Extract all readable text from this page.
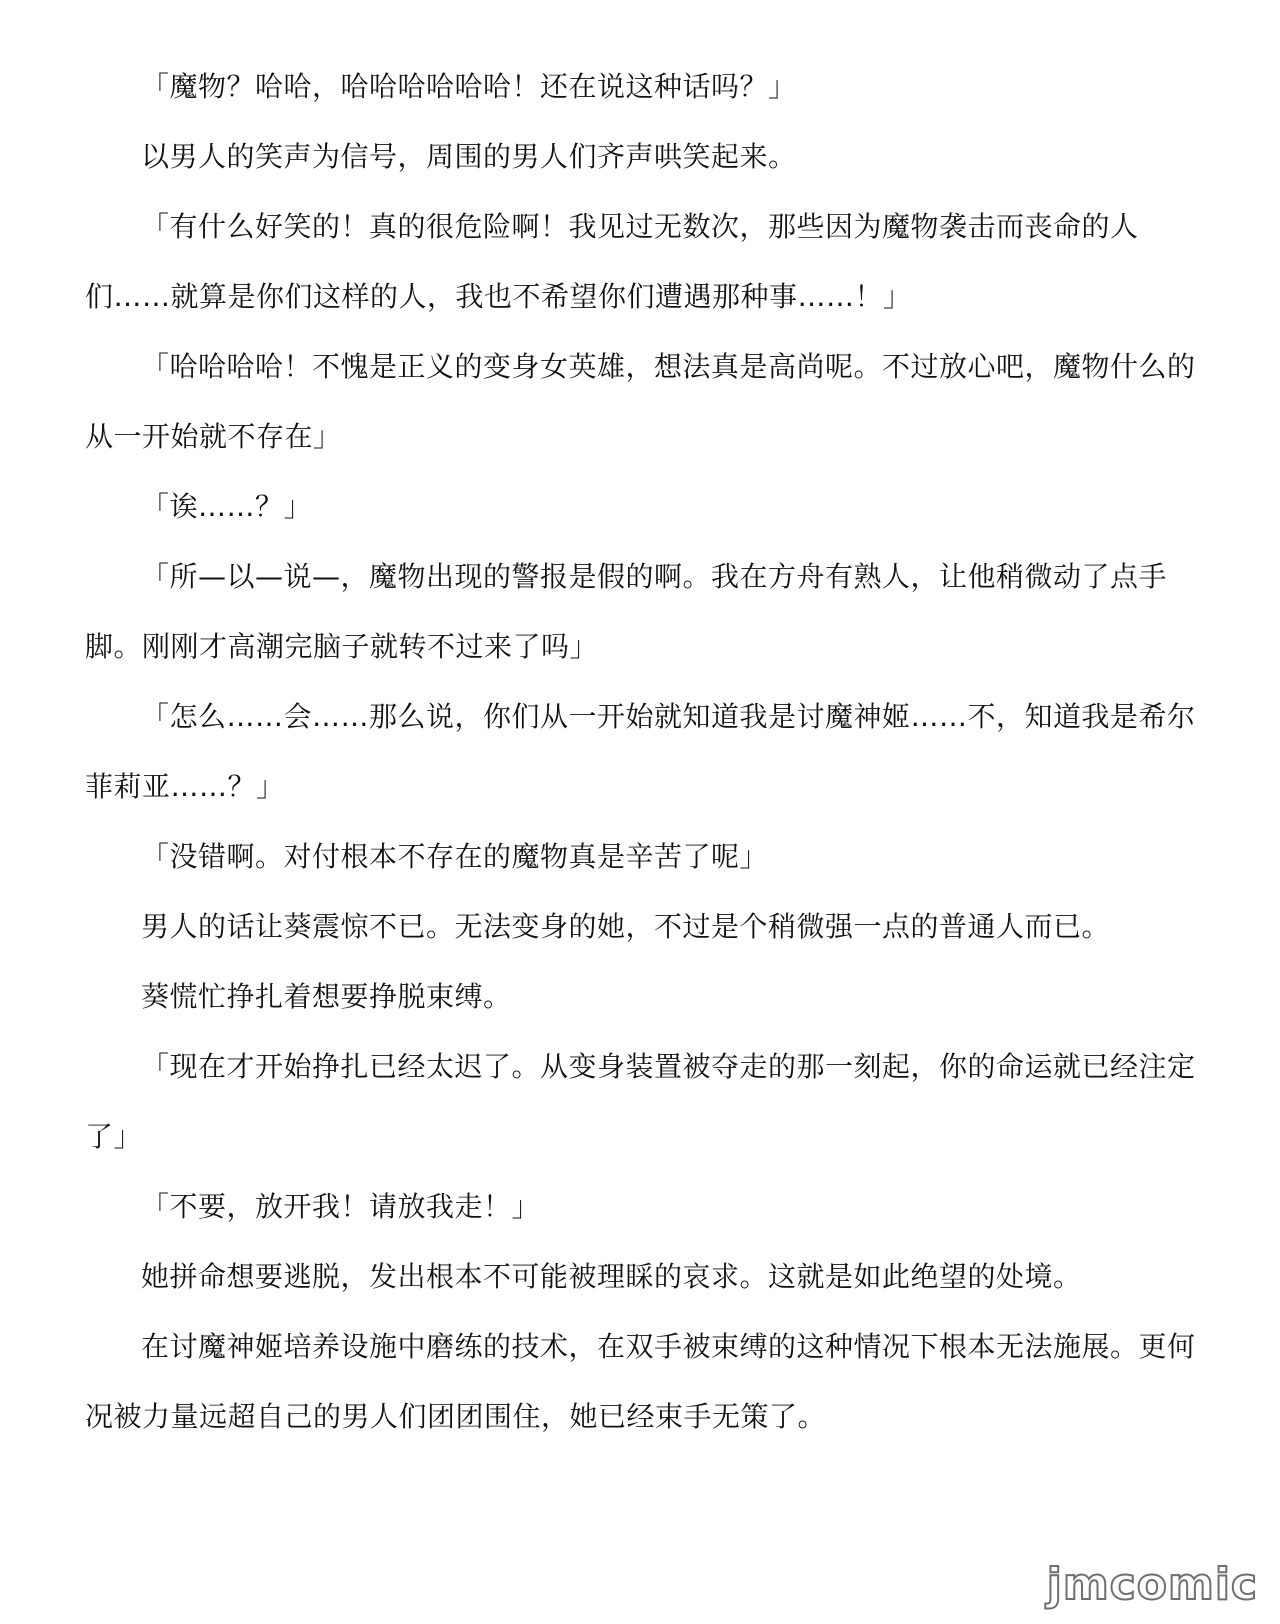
「魔物？哈哈，哈哈哈哈哈哈！还在说这种话吗？」

以男人的笑声为信号，周围的男人们齐声哄笑起来。

「有什么好笑的！真的很危险啊！我见过无数次，那些因为魔物袭击而丧命的人们……就算是你们这样的人，我也不希望你们遭遇那种事……！」

「哈哈哈哈！不愧是正义的变身女英雄，想法真是高尚呢。不过放心吧，魔物什么的从一开始就不存在」

「诶……？」

「所—以—说—，魔物出现的警报是假的啊。我在方舟有熟人，让他稍微动了点手脚。刚刚才高潮完脑子就转不过来了吗」

「怎么……会……那么说，你们从一开始就知道我是讨魔神姬……不，知道我是希尔菲莉亚……？」

「没错啊。对付根本不存在的魔物真是辛苦了呢」

男人的话让葵震惊不已。无法变身的她，不过是个稍微强一点的普通人而已。

葵慌忙挣扎着想要挣脱束缚。

「现在才开始挣扎已经太迟了。从变身装置被夺走的那一刻起，你的命运就已经注定了」

「不要，放开我！请放我走！」

她拼命想要逃脱，发出根本不可能被理睬的哀求。这就是如此绝望的处境。

在讨魔神姬培养设施中磨练的技术，在双手被束缚的这种情况下根本无法施展。更何况被力量远超自己的男人们团团围住，她已经束手无策了。

jmcomic
